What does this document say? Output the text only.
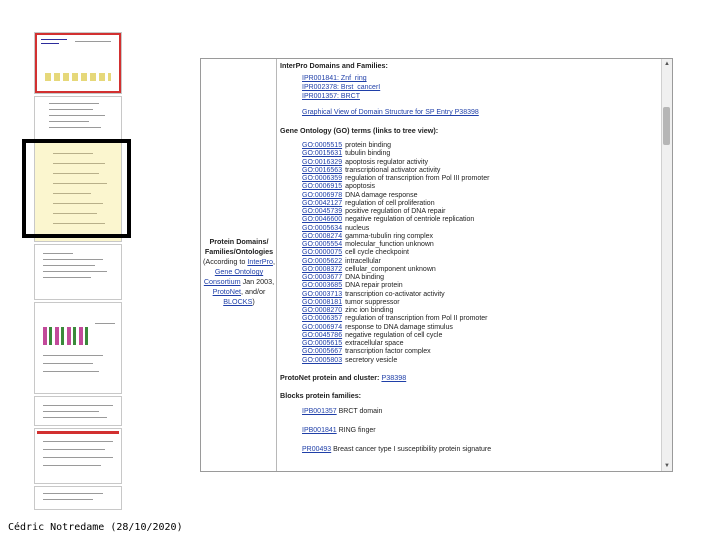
Cédric Notredame (28/10/2020)
Protein Domains/ Families/Ontologies
(According to InterPro, Gene Ontology Consortium Jan 2003, ProtoNet, and/or BLOCKS)

InterPro Domains and Families:

IPR001841: Znf_ring
IPR002378: Brst_cancerI
IPR001357: BRCT
Graphical View of Domain Structure for SP Entry P38398

Gene Ontology (GO) terms (links to tree view):

GO:0005515 protein binding
GO:0015631 tubulin binding
GO:0016329 apoptosis regulator activity
GO:0016563 transcriptional activator activity
GO:0006359 regulation of transcription from Pol III promoter
GO:0006915 apoptosis
GO:0006978 DNA damage response
GO:0042127 regulation of cell proliferation
GO:0045739 positive regulation of DNA repair
GO:0046600 negative regulation of centriole replication
GO:0005634 nucleus
GO:0008274 gamma-tubulin ring complex
GO:0005554 molecular_function unknown
GO:0000075 cell cycle checkpoint
GO:0005622 intracellular
GO:0008372 cellular_component unknown
GO:0003677 DNA binding
GO:0003685 DNA repair protein
GO:0003713 transcription co-activator activity
GO:0008181 tumor suppressor
GO:0008270 zinc ion binding
GO:0006357 regulation of transcription from Pol II promoter
GO:0006974 response to DNA damage stimulus
GO:0045786 negative regulation of cell cycle
GO:0005615 extracellular space
GO:0005667 transcription factor complex
GO:0005803 secretory vesicle

ProtoNet protein and cluster: P38398

Blocks protein families:

IPB001357 BRCT domain
IPB001841 RING finger
PR00493 Breast cancer type I susceptibility protein signature
▲
▼
